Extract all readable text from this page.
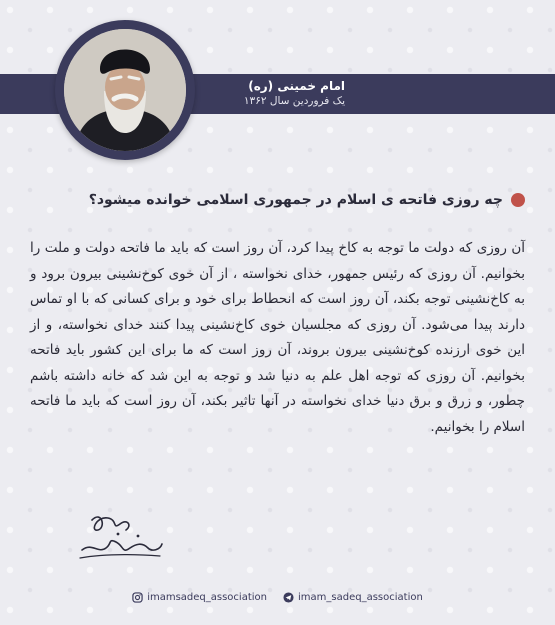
امام خمینی (ره)
یک فروردین سال ۱۳۶۲
چه روزی فاتحه ی اسلام در جمهوری اسلامی خوانده میشود؟
آن روزی که دولت ما توجه به کاخ پیدا کرد، آن روز است که باید ما فاتحه دولت و ملت را بخوانیم. آن روزی که رئیس جمهور، خدای نخواسته ، از آن خوی کوخ‌نشینی بیرون برود و به کاخ‌نشینی توجه بکند، آن روز است که انحطاط برای خود و برای کسانی که با او تماس دارند پیدا می‌شود. آن روزی که مجلسیان خوی کاخ‌نشینی پیدا کنند خدای نخواسته، و از این خوی ارزنده کوخ‌نشینی بیرون بروند، آن روز است که ما برای این کشور باید فاتحه بخوانیم. آن روزی که توجه اهل علم به دنیا شد و توجه به این شد که خانه داشته باشم چطور، و زرق و برق دنیا خدای نخواسته در آنها تاثیر بکند، آن روز است که باید ما فاتحه اسلام را بخوانیم.
imamsadeq_association	imam_sadeq_association
